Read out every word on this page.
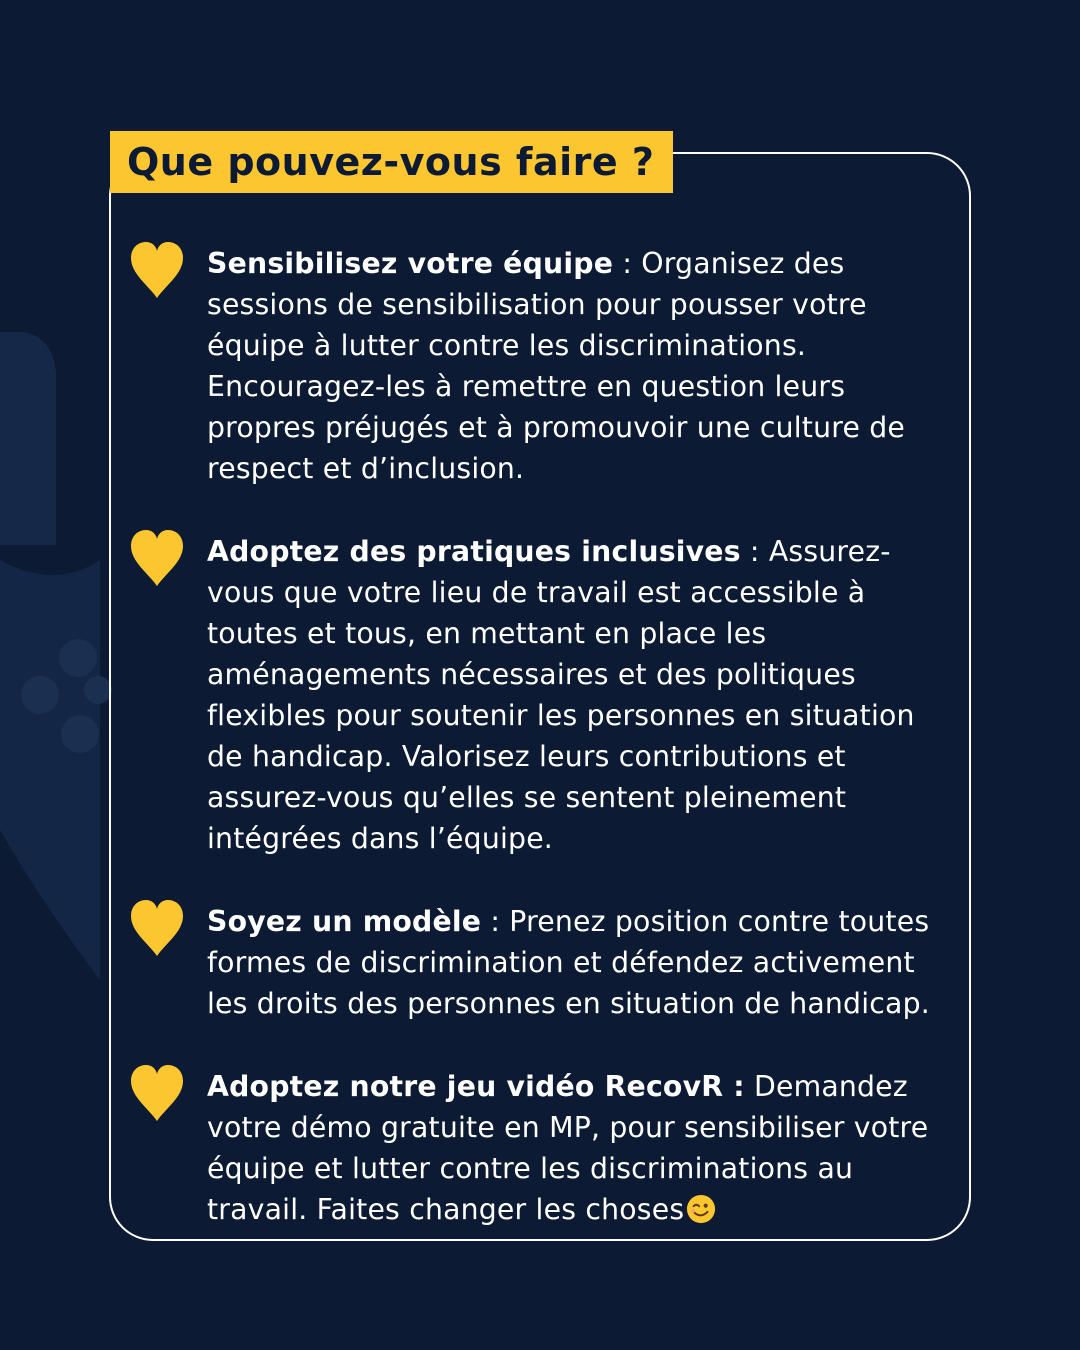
Que pouvez-vous faire ?

Sensibilisez votre équipe : Organisez des sessions de sensibilisation pour pousser votre équipe à lutter contre les discriminations. Encouragez-les à remettre en question leurs propres préjugés et à promouvoir une culture de respect et d’inclusion.

Adoptez des pratiques inclusives : Assurez-vous que votre lieu de travail est accessible à toutes et tous, en mettant en place les aménagements nécessaires et des politiques flexibles pour soutenir les personnes en situation de handicap. Valorisez leurs contributions et assurez-vous qu’elles se sentent pleinement intégrées dans l’équipe.

Soyez un modèle : Prenez position contre toutes formes de discrimination et défendez activement les droits des personnes en situation de handicap.

Adoptez notre jeu vidéo RecovR : Demandez votre démo gratuite en MP, pour sensibiliser votre équipe et lutter contre les discriminations au travail. Faites changer les choses
